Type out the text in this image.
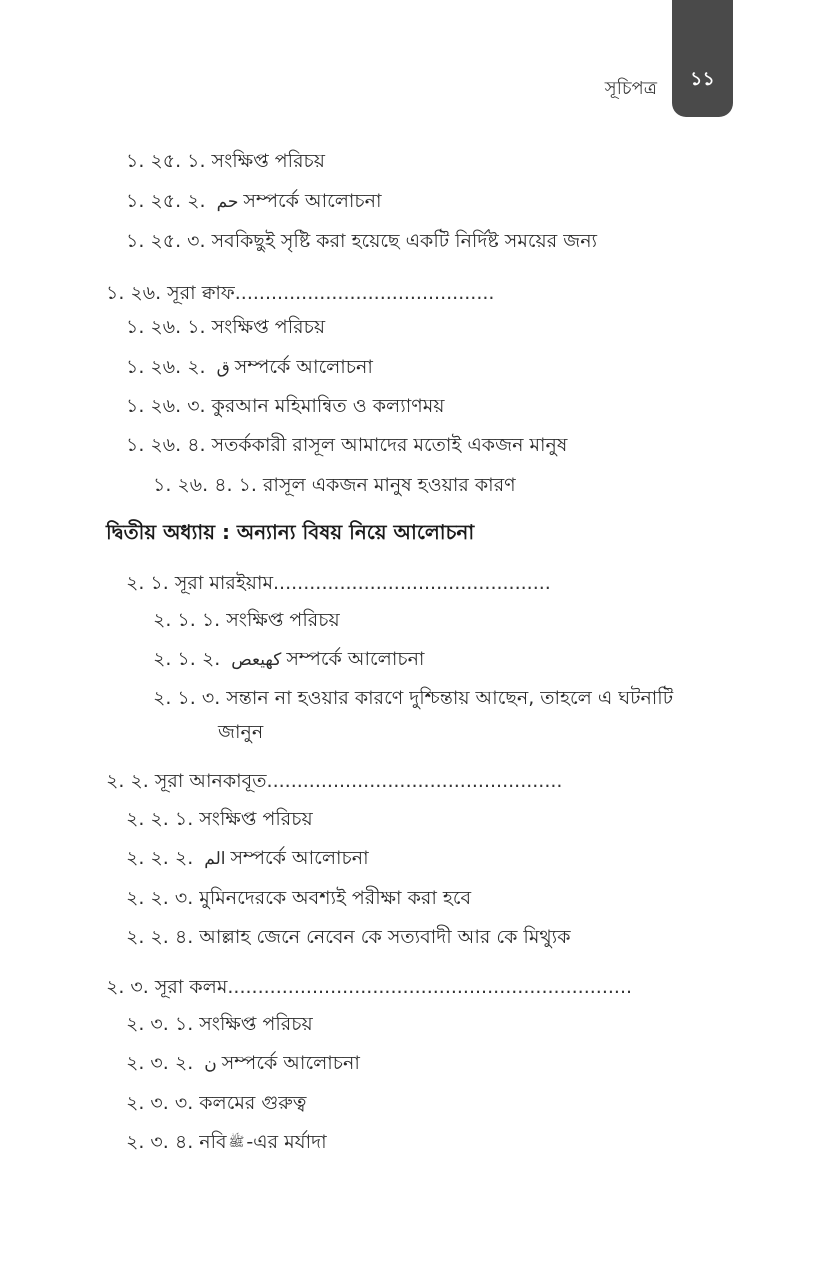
সূচিপত্র ১১
১. ২৫. ১. সংক্ষিপ্ত পরিচয়
১. ২৫. ২. حم সম্পর্কে আলোচনা
১. ২৫. ৩. সবকিছুই সৃষ্টি করা হয়েছে একটি নির্দিষ্ট সময়ের জন্য
১. ২৬. সূরা ক্বাফ...........................................
১. ২৬. ১. সংক্ষিপ্ত পরিচয়
১. ২৬. ২. ق সম্পর্কে আলোচনা
১. ২৬. ৩. কুরআন মহিমান্বিত ও কল্যাণময়
১. ২৬. ৪. সতর্ককারী রাসূল আমাদের মতোই একজন মানুষ
১. ২৬. ৪. ১. রাসূল একজন মানুষ হওয়ার কারণ
দ্বিতীয় অধ্যায় : অন্যান্য বিষয় নিয়ে আলোচনা
২. ১. সূরা মারইয়াম..............................................
২. ১. ১. সংক্ষিপ্ত পরিচয়
২. ১. ২. كهيعص সম্পর্কে আলোচনা
২. ১. ৩. সন্তান না হওয়ার কারণে দুশ্চিন্তায় আছেন, তাহলে এ ঘটনাটি
জানুন
২. ২. সূরা আনকাবূত.................................................
২. ২. ১. সংক্ষিপ্ত পরিচয়
২. ২. ২. الم সম্পর্কে আলোচনা
২. ২. ৩. মুমিনদেরকে অবশ্যই পরীক্ষা করা হবে
২. ২. ৪. আল্লাহ জেনে নেবেন কে সত্যবাদী আর কে মিথ্যুক
২. ৩. সূরা কলম...................................................................
২. ৩. ১. সংক্ষিপ্ত পরিচয়
২. ৩. ২. ن সম্পর্কে আলোচনা
২. ৩. ৩. কলমের গুরুত্ব
২. ৩. ৪. নবি ﷺ -এর মর্যাদা
